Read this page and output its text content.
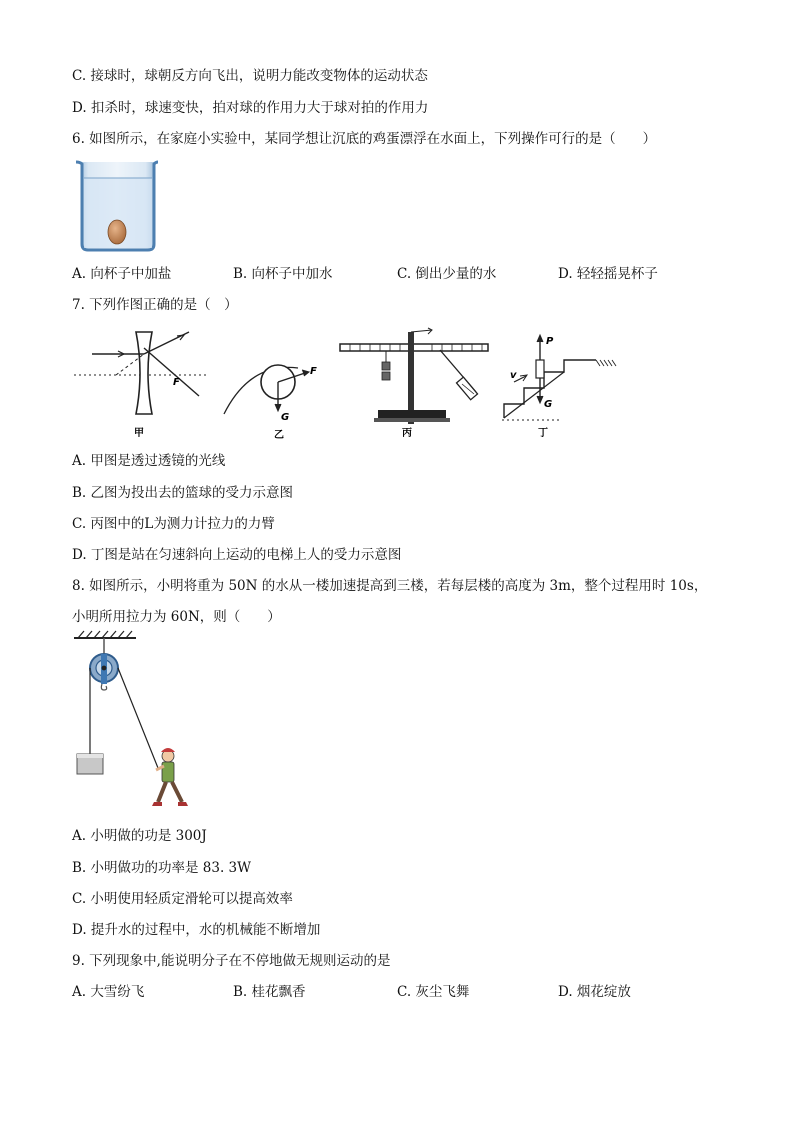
C. 接球时，球朝反方向飞出，说明力能改变物体的运动状态
D. 扣杀时，球速变快，拍对球的作用力大于球对拍的作用力
6. 如图所示，在家庭小实验中，某同学想让沉底的鸡蛋漂浮在水面上，下列操作可行的是（　　）
A. 向杯子中加盐	B. 向杯子中加水	C. 倒出少量的水	D. 轻轻摇晃杯子
7. 下列作图正确的是（　）
F
甲
F
G
乙	丙
P
G
v
丁
A. 甲图是透过透镜的光线
B. 乙图为投出去的篮球的受力示意图
C. 丙图中的L为测力计拉力的力臂
D. 丁图是站在匀速斜向上运动的电梯上人的受力示意图
8. 如图所示，小明将重为 50N 的水从一楼加速提高到三楼，若每层楼的高度为 3m，整个过程用时 10s，
小明所用拉力为 60N，则（　　）
A. 小明做的功是 300J
B. 小明做功的功率是 83. 3W
C. 小明使用轻质定滑轮可以提高效率
D. 提升水的过程中，水的机械能不断增加
9. 下列现象中,能说明分子在不停地做无规则运动的是
A. 大雪纷飞	B. 桂花飘香	C. 灰尘飞舞	D. 烟花绽放
